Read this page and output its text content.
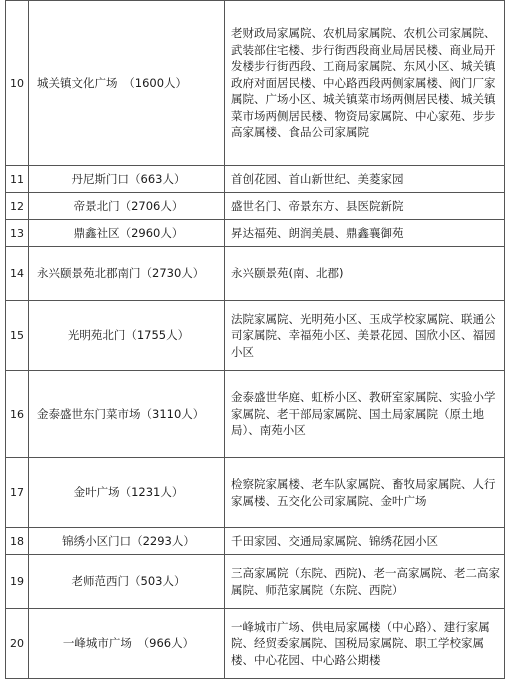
10	城关镇文化广场　（1600人）	老财政局家属院、农机局家属院、农机公司家属院、武装部住宅楼、步行街西段商业局居民楼、商业局开发楼步行街西段、工商局家属院、东风小区、城关镇政府对面居民楼、中心路西段两侧家属楼、阀门厂家属院、广场小区、城关镇菜市场两侧居民楼、城关镇菜市场两侧居民楼、物资局家属院、中心家苑、步步高家属楼、食品公司家属院
11	丹尼斯门口（663人）	首创花园、首山新世纪、美菱家园
12	帝景北门（2706人）	盛世名门、帝景东方、县医院新院
13	鼎鑫社区（2960人）	昇达福苑、朗润美晨、鼎鑫襄御苑
14	永兴颐景苑北郡南门（2730人）	永兴颐景苑(南、北郡)
15	光明苑北门（1755人）	法院家属院、光明苑小区、玉成学校家属院、联通公司家属院、幸福苑小区、美景花园、国欣小区、福园小区
16	金泰盛世东门菜市场（3110人）	金泰盛世华庭、虹桥小区、教研室家属院、实验小学家属院、老干部局家属院、国土局家属院（原土地局）、南苑小区
17	金叶广场（1231人）	检察院家属楼、老车队家属院、畜牧局家属院、人行家属楼、五交化公司家属院、金叶广场
18	锦绣小区门口（2293人）	千田家园、交通局家属院、锦绣花园小区
19	老师范西门（503人）	三高家属院（东院、西院)、老一高家属院、老二高家属院、师范家属院（东院、西院）
20	一峰城市广场　（966人）	一峰城市广场、供电局家属楼（中心路）、建行家属院、经贸委家属院、国税局家属院、职工学校家属楼、中心花园、中心路公期楼
